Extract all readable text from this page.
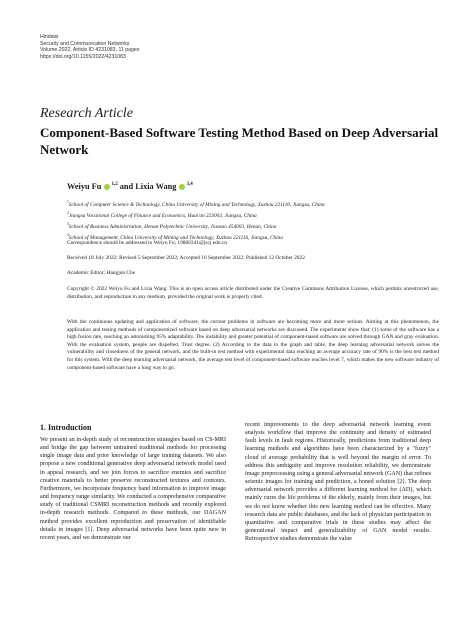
Hindawi
Security and Communication Networks
Volume 2022, Article ID 4231083, 11 pages
https://doi.org/10.1155/2022/4231083
Research Article
Component-Based Software Testing Method Based on Deep Adversarial Network
Weiyu Fu $^{1,2}$ and Lixia Wang $^{3,4}$
$^1$School of Computer Science & Technology, China University of Mining and Technology, Xuzhou 221116, Jiangsu, China
$^2$Jiangsu Vocational College of Finance and Economics, Huai'an 223003, Jiangsu, China
$^3$School of Business Administration, Henan Polytechnic University, Jiaozuo 454003, Henan, China
$^4$School of Management, China University of Mining and Technology, Xuzhou 221116, Jiangsu, China
Correspondence should be addressed to Weiyu Fu; 19800341@jscj.edu.cn
Received 18 July 2022; Revised 5 September 2022; Accepted 16 September 2022; Published 12 October 2022
Academic Editor: Hangjun Che
Copyright © 2022 Weiyu Fu and Lixia Wang. This is an open access article distributed under the Creative Commons Attribution License, which permits unrestricted use, distribution, and reproduction in any medium, provided the original work is properly cited.
With the continuous updating and application of software, the current problems in software are becoming more and more serious. Aiming at this phenomenon, the application and testing methods of componentized software based on deep adversarial networks are discussed. The experiments show that: (1) some of the software has a high fusion rate, reaching an astonishing 95% adaptability. The instability and greater potential of component-based software are solved through GAN and gray evaluation. With the evaluation system, people are dispelled. Trust degree. (2) According to the data in the graph and table, the deep learning adversarial network solves the vulnerability and closedness of the general network, and the built-in test method with experimental data reaching an average accuracy rate of 90% is the best test method for this system. With the deep learning adversarial network, the average test level of component-based software reaches level 7, which makes the new software industry of component-based software have a long way to go.
1. Introduction
We present an in-depth study of reconstruction strategies based on CS-MRI and bridge the gap between untrained traditional methods for processing single image data and prior knowledge of large training datasets. We also propose a new conditional generative deep adversarial network model used in appeal research, and we join forces to sacrifice enemies and sacrifice creative materials to better preserve reconstructed textures and contours. Furthermore, we incorporate frequency band information to improve image and frequency range similarity. We conducted a comprehensive comparative study of traditional CSMRI reconstruction methods and recently explored in-depth research methods. Compared to these methods, our DAGAN method provides excellent reproduction and preservation of identifiable details in images [1]. Deep adversarial networks have been quite new in recent years, and we demonstrate our
recent improvements to the deep adversarial network learning event analysis workflow that improve the continuity and density of estimated fault levels in fault regions. Historically, predictions from traditional deep learning methods and algorithms have been characterized by a "fuzzy" cloud of average probability that is well beyond the margin of error. To address this ambiguity and improve resolution reliability, we demonstrate image preprocessing using a general adversarial network (GAN) that refines seismic images for training and prediction, a honed solution [2]. The deep adversarial network provides a different learning method for (AD), which mainly cures the life problems of the elderly, mainly from their images, but we do not know whether this new learning method can be effective. Many research data are public databases, and the lack of physician participation in quantitative and comparative trials in these studies may affect the generational impact and generalizability of GAN model results. Retrospective studies demonstrate the value
